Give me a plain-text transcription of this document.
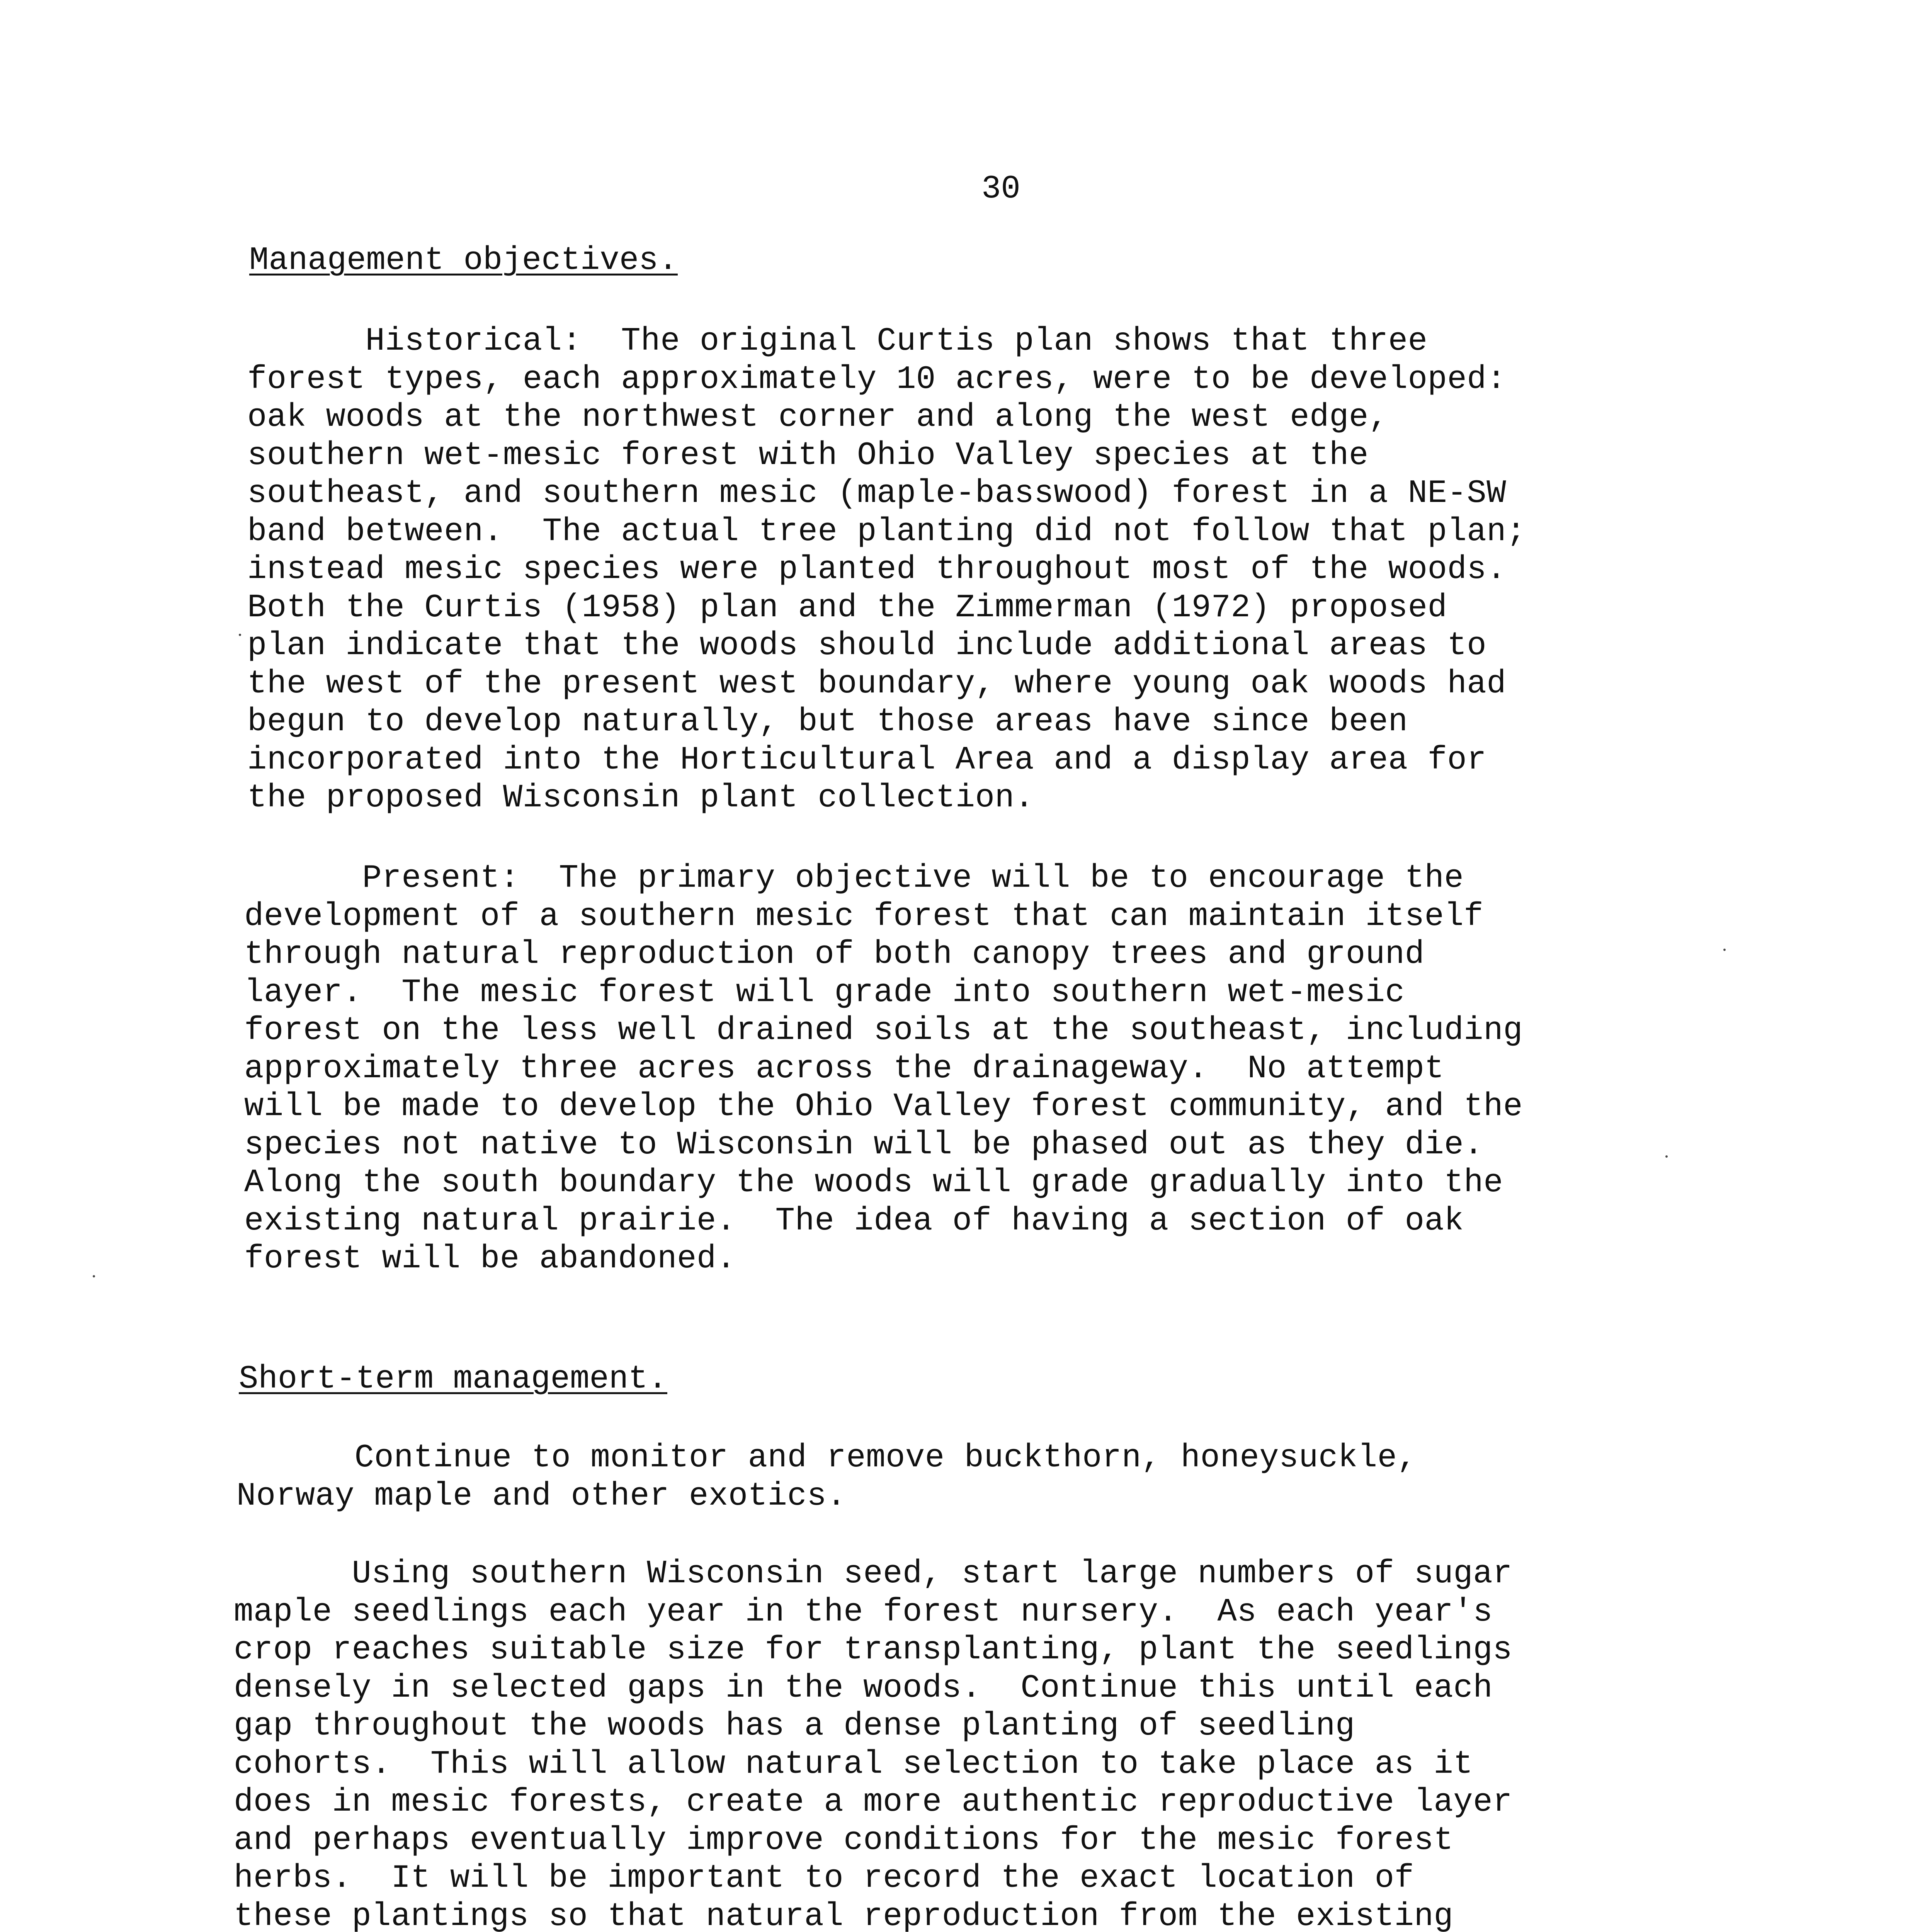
30
Management objectives.
Historical:  The original Curtis plan shows that three
forest types, each approximately 10 acres, were to be developed:
oak woods at the northwest corner and along the west edge,
southern wet-mesic forest with Ohio Valley species at the
southeast, and southern mesic (maple-basswood) forest in a NE-SW
band between.  The actual tree planting did not follow that plan;
instead mesic species were planted throughout most of the woods.
Both the Curtis (1958) plan and the Zimmerman (1972) proposed
plan indicate that the woods should include additional areas to
the west of the present west boundary, where young oak woods had
begun to develop naturally, but those areas have since been
incorporated into the Horticultural Area and a display area for
the proposed Wisconsin plant collection.
Present:  The primary objective will be to encourage the
development of a southern mesic forest that can maintain itself
through natural reproduction of both canopy trees and ground
layer.  The mesic forest will grade into southern wet-mesic
forest on the less well drained soils at the southeast, including
approximately three acres across the drainageway.  No attempt
will be made to develop the Ohio Valley forest community, and the
species not native to Wisconsin will be phased out as they die.
Along the south boundary the woods will grade gradually into the
existing natural prairie.  The idea of having a section of oak
forest will be abandoned.
Short-term management.
Continue to monitor and remove buckthorn, honeysuckle,
Norway maple and other exotics.
Using southern Wisconsin seed, start large numbers of sugar
maple seedlings each year in the forest nursery.  As each year's
crop reaches suitable size for transplanting, plant the seedlings
densely in selected gaps in the woods.  Continue this until each
gap throughout the woods has a dense planting of seedling
cohorts.  This will allow natural selection to take place as it
does in mesic forests, create a more authentic reproductive layer
and perhaps eventually improve conditions for the mesic forest
herbs.  It will be important to record the exact location of
these plantings so that natural reproduction from the existing
